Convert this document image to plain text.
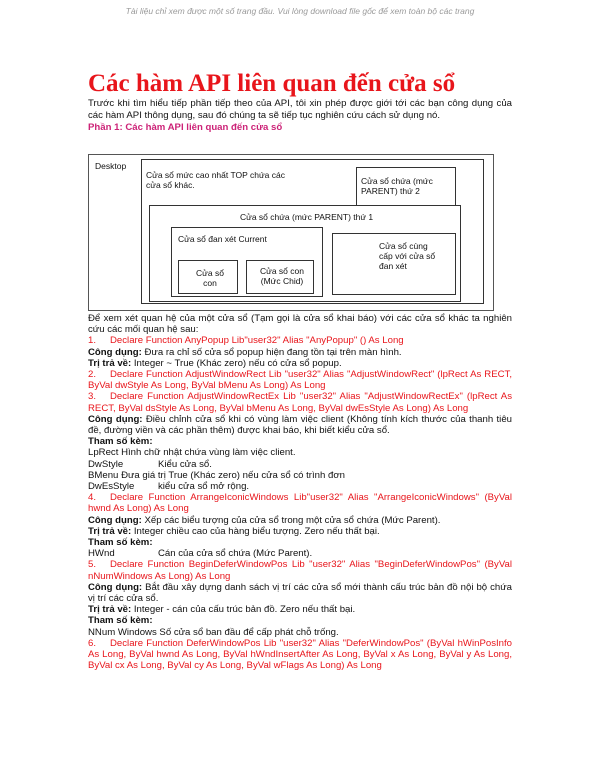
Tài liệu chỉ xem được một số trang đầu. Vui lòng download file gốc để xem toàn bộ các trang
Các hàm API liên quan đến cửa sổ
Trước khi tìm hiểu tiếp phần tiếp theo của API, tôi xin phép được giới tới các bạn công dụng của các hàm API thông dụng, sau đó chúng ta sẽ tiếp tục nghiên cứu cách sử dụng nó.
Phần 1: Các hàm API liên quan đến cửa sổ
Desktop
Cửa sổ mức cao nhất TOP chứa các cửa sổ khác.	Cửa sổ chứa (mức PARENT) thứ 2
Cửa sổ chứa (mức PARENT) thứ 1
Cửa sổ đan xét Current
Cửa sổ con
Cửa sổ con (Mức Chid)
Cửa sổ cùng cấp với cửa sổ đan xét

Để xem xét quan hệ của một cửa sổ (Tạm gọi là cửa sổ khai báo) với các cửa sổ khác ta nghiên cứu các mối quan hệ sau:

1. Declare Function AnyPopup Lib"user32" Alias "AnyPopup" () As Long

Công dụng: Đưa ra chỉ số cửa sổ popup hiện đang tồn tại trên màn hình.

Trị trả về: Integer ~ True (Khác zero) nếu có cửa sổ popup.

2. Declare Function AdjustWindowRect Lib "user32" Alias "AdjustWindowRect" (lpRect As RECT, ByVal dwStyle As Long, ByVal bMenu As Long) As Long

3. Declare Function AdjustWindowRectEx Lib "user32" Alias "AdjustWindowRectEx" (lpRect As RECT, ByVal dsStyle As Long, ByVal bMenu As Long, ByVal dwEsStyle As Long) As Long

Công dụng: Điều chỉnh cửa sổ khi có vùng làm việc client (Không tính kích thước của thanh tiêu đề, đường viền và các phần thêm) được khai báo, khi biết kiểu cửa sổ.

Tham số kèm:

LpRect Hình chữ nhật chứa vùng làm việc client.

DwStyle	Kiểu cửa sổ.

BMenu Đưa giá trị True (Khác zero) nếu cửa sổ có trình đơn

DwEsStyle kiểu cửa sổ mở rộng.

4. Declare Function ArrangeIconicWindows Lib"user32" Alias "ArrangeIconicWindows" (ByVal hwnd As Long) As Long

Công dụng: Xếp các biểu tượng của cửa sổ trong một cửa sổ chứa (Mức Parent).

Trị trả về: Integer chiều cao của hàng biểu tượng. Zero nếu thất bại.

Tham số kèm:

HWnd	Cán của cửa sổ chứa (Mức Parent).

5. Declare Function BeginDeferWindowPos Lib "user32" Alias "BeginDeferWindowPos" (ByVal nNumWindows As Long) As Long

Công dụng: Bắt đầu xây dựng danh sách vị trí các cửa sổ mới thành cấu trúc bản đồ nội bộ chứa vị trí các cửa sổ.

Trị trả về: Integer - cán của cấu trúc bản đồ. Zero nếu thất bại.

Tham số kèm:

NNum Windows Số cửa sổ ban đầu để cấp phát chỗ trống.

6. Declare Function DeferWindowPos Lib "user32" Alias "DeferWindowPos" (ByVal hWinPosInfo As Long, ByVal hwnd As Long, ByVal hWndInsertAfter As Long, ByVal x As Long, ByVal y As Long, ByVal cx As Long, ByVal cy As Long, ByVal wFlags As Long) As Long
